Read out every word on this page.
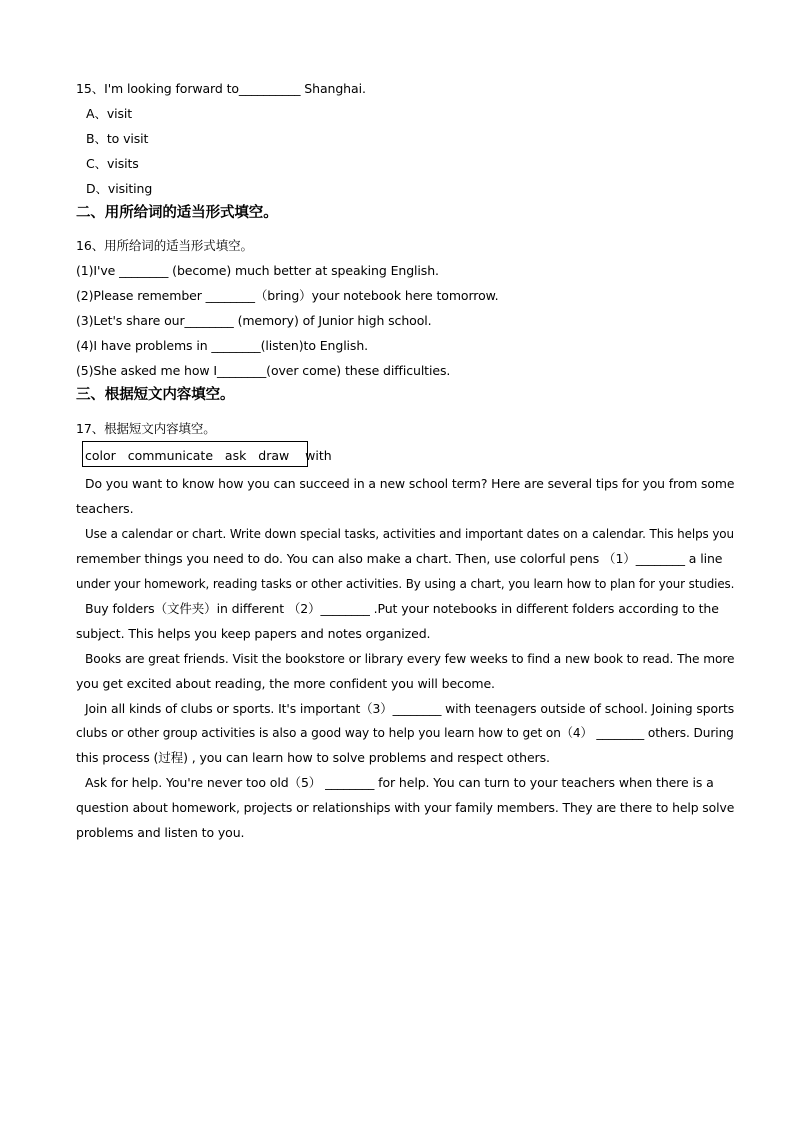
15、I'm looking forward to__________ Shanghai.
A、visit
B、to visit
C、visits
D、visiting
二、用所给词的适当形式填空。
16、用所给词的适当形式填空。
(1)I've ________ (become) much better at speaking English.
(2)Please remember ________（bring）your notebook here tomorrow.
(3)Let's share our________ (memory) of Junior high school.
(4)I have problems in ________(listen)to English.
(5)She asked me how I________(over come) these difficulties.
三、根据短文内容填空。
17、根据短文内容填空。
color   communicate   ask   draw    with
Do you want to know how you can succeed in a new school term? Here are several tips for you from some
teachers.
Use a calendar or chart. Write down special tasks, activities and important dates on a calendar. This helps you
remember things you need to do. You can also make a chart. Then, use colorful pens （1）________ a line
under your homework, reading tasks or other activities. By using a chart, you learn how to plan for your studies.
Buy folders（文件夹）in different （2）________ .Put your notebooks in different folders according to the
subject. This helps you keep papers and notes organized.
Books are great friends. Visit the bookstore or library every few weeks to find a new book to read. The more
you get excited about reading, the more confident you will become.
Join all kinds of clubs or sports. It's important（3）________ with teenagers outside of school. Joining sports
clubs or other group activities is also a good way to help you learn how to get on（4） ________ others. During
this process (过程) , you can learn how to solve problems and respect others.
Ask for help. You're never too old（5） ________ for help. You can turn to your teachers when there is a
question about homework, projects or relationships with your family members. They are there to help solve
problems and listen to you.
